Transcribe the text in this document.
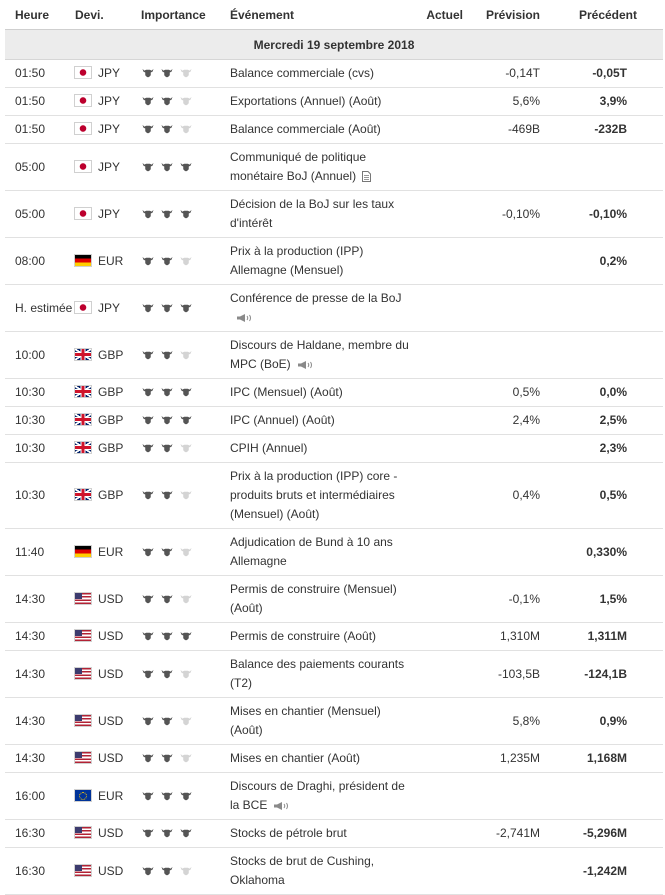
Heure	Devi.	Importance	Événement	Actuel	Prévision	Précédent
Mercredi 19 septembre 2018						
01:50	JPY		Balance commerciale (cvs)		-0,14T	-0,05T
01:50	JPY		Exportations (Annuel) (Août)		5,6%	3,9%
01:50	JPY		Balance commerciale (Août)		-469B	-232B
05:00	JPY		Communiqué de politique monétaire BoJ (Annuel)			
05:00	JPY		Décision de la BoJ sur les taux d'intérêt		-0,10%	-0,10%
08:00	EUR		Prix à la production (IPP) Allemagne (Mensuel)			0,2%
H. estimée	JPY		Conférence de presse de la BoJ			
10:00	GBP		Discours de Haldane, membre du MPC (BoE)			
10:30	GBP		IPC (Mensuel) (Août)		0,5%	0,0%
10:30	GBP		IPC (Annuel) (Août)		2,4%	2,5%
10:30	GBP		CPIH (Annuel)			2,3%
10:30	GBP		Prix à la production (IPP) core - produits bruts et intermédiaires (Mensuel) (Août)		0,4%	0,5%
11:40	EUR		Adjudication de Bund à 10 ans Allemagne			0,330%
14:30	USD		Permis de construire (Mensuel) (Août)		-0,1%	1,5%
14:30	USD		Permis de construire (Août)		1,310M	1,311M
14:30	USD		Balance des paiements courants (T2)		-103,5B	-124,1B
14:30	USD		Mises en chantier (Mensuel) (Août)		5,8%	0,9%
14:30	USD		Mises en chantier (Août)		1,235M	1,168M
16:00	EUR		Discours de Draghi, président de la BCE			
16:30	USD		Stocks de pétrole brut		-2,741M	-5,296M
16:30	USD		Stocks de brut de Cushing, Oklahoma			-1,242M
